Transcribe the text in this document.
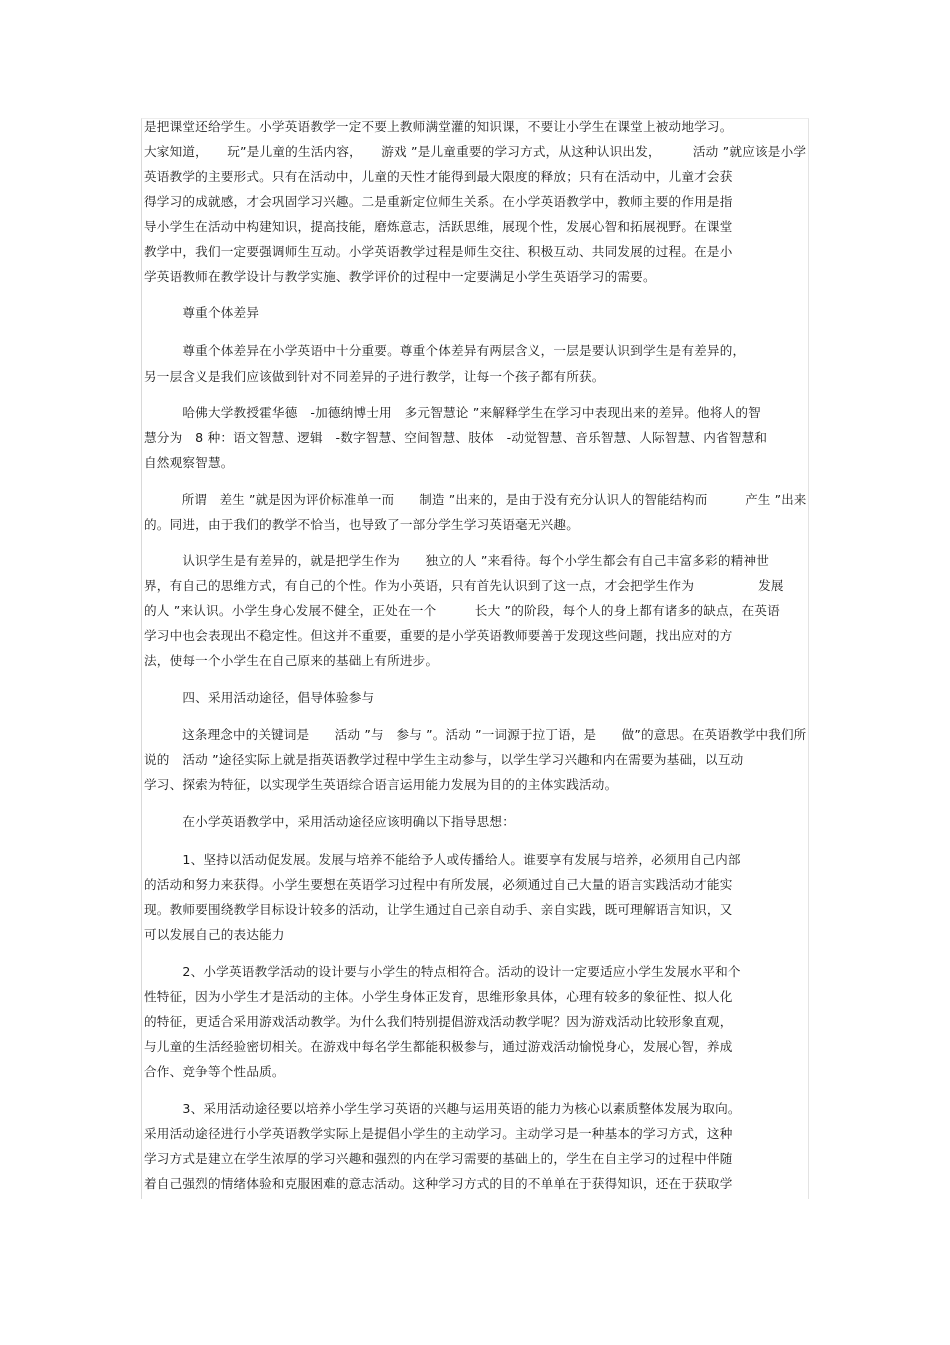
是把课堂还给学生。小学英语教学一定不要上教师满堂灌的知识课，不要让小学生在课堂上被动地学习。
大家知道，　　玩”是儿童的生活内容，　　游戏 ”是儿童重要的学习方式，从这种认识出发，　　　活动 ”就应该是小学
英语教学的主要形式。只有在活动中，儿童的天性才能得到最大限度的释放；只有在活动中，儿童才会获
得学习的成就感，才会巩固学习兴趣。二是重新定位师生关系。在小学英语教学中，教师主要的作用是指
导小学生在活动中构建知识，提高技能，磨炼意志，活跃思维，展现个性，发展心智和拓展视野。在课堂
教学中，我们一定要强调师生互动。小学英语教学过程是师生交往、积极互动、共同发展的过程。在是小
学英语教师在教学设计与教学实施、教学评价的过程中一定要满足小学生英语学习的需要。
　　　尊重个体差异
　　　尊重个体差异在小学英语中十分重要。尊重个体差异有两层含义，一层是要认识到学生是有差异的，
另一层含义是我们应该做到针对不同差异的子进行教学，让每一个孩子都有所获。
　　　哈佛大学教授霍华德　-加德纳博士用　多元智慧论 ”来解释学生在学习中表现出来的差异。他将人的智
慧分为　8 种：语文智慧、逻辑　-数字智慧、空间智慧、肢体　-动觉智慧、音乐智慧、人际智慧、内省智慧和
自然观察智慧。
　　　所谓　差生 ”就是因为评价标准单一而　　制造 ”出来的，是由于没有充分认识人的智能结构而　　　产生 ”出来
的。同进，由于我们的教学不恰当，也导致了一部分学生学习英语毫无兴趣。
　　　认识学生是有差异的，就是把学生作为　　独立的人 ”来看待。每个小学生都会有自己丰富多彩的精神世
界，有自己的思维方式，有自己的个性。作为小英语，只有首先认识到了这一点，才会把学生作为　　　　　发展
的人 ”来认识。小学生身心发展不健全，正处在一个　　　长大 ”的阶段，每个人的身上都有诸多的缺点，在英语
学习中也会表现出不稳定性。但这并不重要，重要的是小学英语教师要善于发现这些问题，找出应对的方
法，使每一个小学生在自己原来的基础上有所进步。
　　　四、采用活动途径，倡导体验参与
　　　这条理念中的关键词是　　活动 ”与　参与 ”。活动 ”一词源于拉丁语，是　　做”的意思。在英语教学中我们所
说的　活动 ”途径实际上就是指英语教学过程中学生主动参与，以学生学习兴趣和内在需要为基础，以互动
学习、探索为特征，以实现学生英语综合语言运用能力发展为目的的主体实践活动。
　　　在小学英语教学中，采用活动途径应该明确以下指导思想：
　　　1、坚持以活动促发展。发展与培养不能给予人或传播给人。谁要享有发展与培养，必须用自己内部
的活动和努力来获得。小学生要想在英语学习过程中有所发展，必须通过自己大量的语言实践活动才能实
现。教师要围绕教学目标设计较多的活动，让学生通过自己亲自动手、亲自实践，既可理解语言知识，又
可以发展自己的表达能力
　　　2、小学英语教学活动的设计要与小学生的特点相符合。活动的设计一定要适应小学生发展水平和个
性特征，因为小学生才是活动的主体。小学生身体正发育，思维形象具体，心理有较多的象征性、拟人化
的特征，更适合采用游戏活动教学。为什么我们特别提倡游戏活动教学呢？因为游戏活动比较形象直观，
与儿童的生活经验密切相关。在游戏中每名学生都能积极参与，通过游戏活动愉悦身心，发展心智，养成
合作、竞争等个性品质。
　　　3、采用活动途径要以培养小学生学习英语的兴趣与运用英语的能力为核心以素质整体发展为取向。
采用活动途径进行小学英语教学实际上是提倡小学生的主动学习。主动学习是一种基本的学习方式，这种
学习方式是建立在学生浓厚的学习兴趣和强烈的内在学习需要的基础上的，学生在自主学习的过程中伴随
着自己强烈的情绪体验和克服困难的意志活动。这种学习方式的目的不单单在于获得知识，还在于获取学
